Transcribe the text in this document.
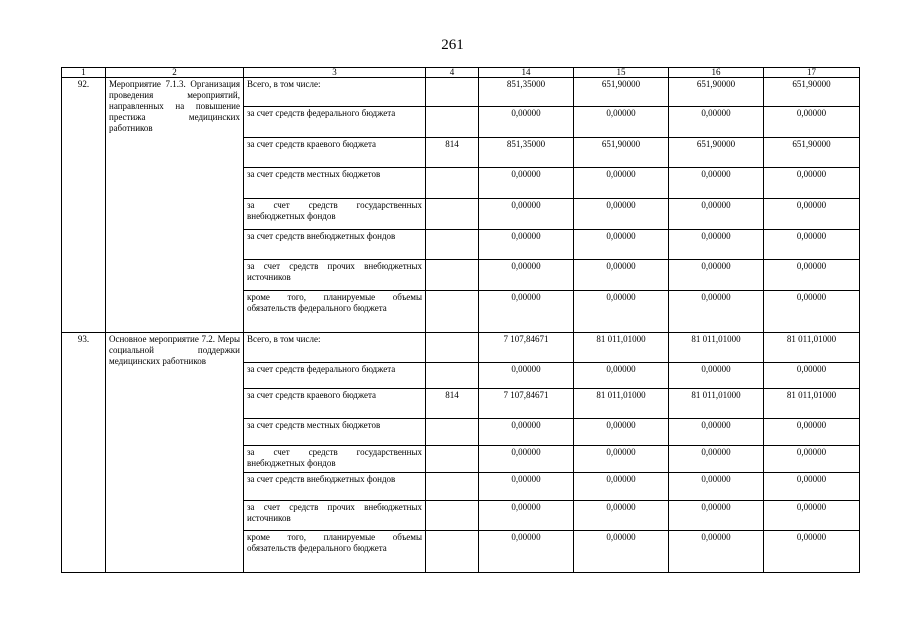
261
1	2	3	4	14	15	16	17
92.	Мероприятие 7.1.3. Организация проведения мероприятий, направленных на повышение престижа медицинских работников	Всего, в том числе:		851,35000	651,90000	651,90000	651,90000
		за счет средств федерального бюджета		0,00000	0,00000	0,00000	0,00000
		за счет средств краевого бюджета	814	851,35000	651,90000	651,90000	651,90000
		за счет средств местных бюджетов		0,00000	0,00000	0,00000	0,00000
		за счет средств государственных внебюджетных фондов		0,00000	0,00000	0,00000	0,00000
		за счет средств внебюджетных фондов		0,00000	0,00000	0,00000	0,00000
		за счет средств прочих внебюджетных источников		0,00000	0,00000	0,00000	0,00000
		кроме того, планируемые объемы обязательств федерального бюджета		0,00000	0,00000	0,00000	0,00000
93.	Основное мероприятие 7.2. Меры социальной поддержки медицинских работников	Всего, в том числе:		7 107,84671	81 011,01000	81 011,01000	81 011,01000
		за счет средств федерального бюджета		0,00000	0,00000	0,00000	0,00000
		за счет средств краевого бюджета	814	7 107,84671	81 011,01000	81 011,01000	81 011,01000
		за счет средств местных бюджетов		0,00000	0,00000	0,00000	0,00000
		за счет средств государственных внебюджетных фондов		0,00000	0,00000	0,00000	0,00000
		за счет средств внебюджетных фондов		0,00000	0,00000	0,00000	0,00000
		за счет средств прочих внебюджетных источников		0,00000	0,00000	0,00000	0,00000
		кроме того, планируемые объемы обязательств федерального бюджета		0,00000	0,00000	0,00000	0,00000
